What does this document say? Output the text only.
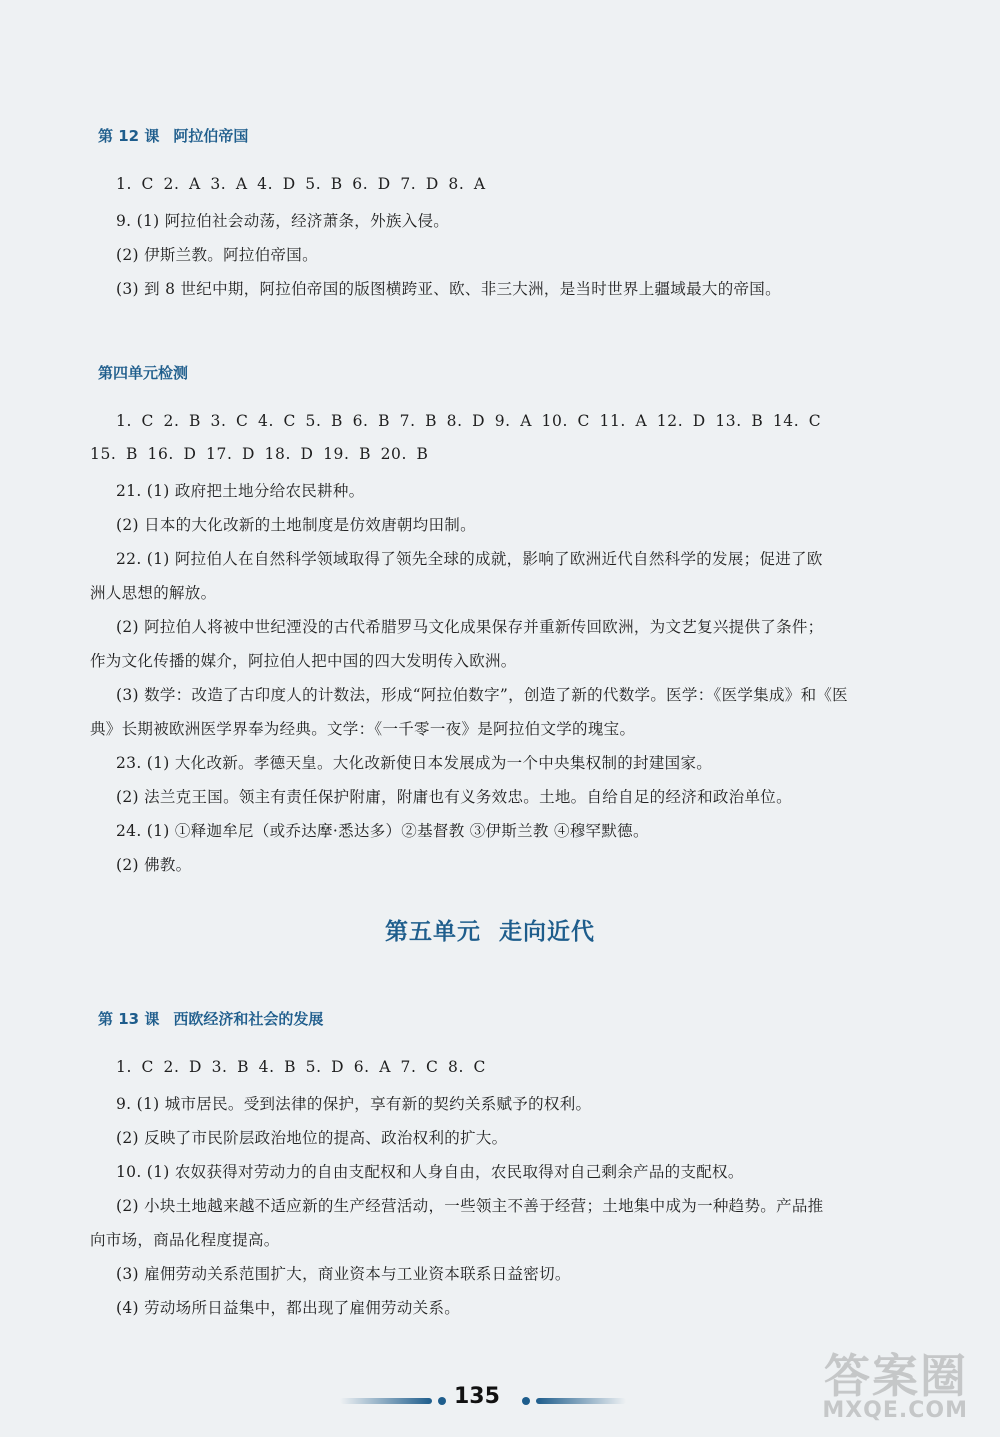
第 12 课 阿拉伯帝国
1. C 2. A 3. A 4. D 5. B 6. D 7. D 8. A
9. (1) 阿拉伯社会动荡，经济萧条，外族入侵。
(2) 伊斯兰教。阿拉伯帝国。
(3) 到 8 世纪中期，阿拉伯帝国的版图横跨亚、欧、非三大洲，是当时世界上疆域最大的帝国。
第四单元检测
1. C 2. B 3. C 4. C 5. B 6. B 7. B 8. D 9. A 10. C 11. A 12. D 13. B 14. C
15. B 16. D 17. D 18. D 19. B 20. B
21. (1) 政府把土地分给农民耕种。
(2) 日本的大化改新的土地制度是仿效唐朝均田制。
22. (1) 阿拉伯人在自然科学领域取得了领先全球的成就，影响了欧洲近代自然科学的发展；促进了欧
洲人思想的解放。
(2) 阿拉伯人将被中世纪湮没的古代希腊罗马文化成果保存并重新传回欧洲，为文艺复兴提供了条件；
作为文化传播的媒介，阿拉伯人把中国的四大发明传入欧洲。
(3) 数学：改造了古印度人的计数法，形成“阿拉伯数字”，创造了新的代数学。医学：《医学集成》和《医
典》长期被欧洲医学界奉为经典。文学：《一千零一夜》是阿拉伯文学的瑰宝。
23. (1) 大化改新。孝德天皇。大化改新使日本发展成为一个中央集权制的封建国家。
(2) 法兰克王国。领主有责任保护附庸，附庸也有义务效忠。土地。自给自足的经济和政治单位。
24. (1) ①释迦牟尼（或乔达摩·悉达多）②基督教 ③伊斯兰教 ④穆罕默德。
(2) 佛教。
第五单元 走向近代
第 13 课 西欧经济和社会的发展
1. C 2. D 3. B 4. B 5. D 6. A 7. C 8. C
9. (1) 城市居民。受到法律的保护，享有新的契约关系赋予的权利。
(2) 反映了市民阶层政治地位的提高、政治权利的扩大。
10. (1) 农奴获得对劳动力的自由支配权和人身自由，农民取得对自己剩余产品的支配权。
(2) 小块土地越来越不适应新的生产经营活动，一些领主不善于经营；土地集中成为一种趋势。产品推
向市场，商品化程度提高。
(3) 雇佣劳动关系范围扩大，商业资本与工业资本联系日益密切。
(4) 劳动场所日益集中，都出现了雇佣劳动关系。
135	答案圈
MXQE.COM
